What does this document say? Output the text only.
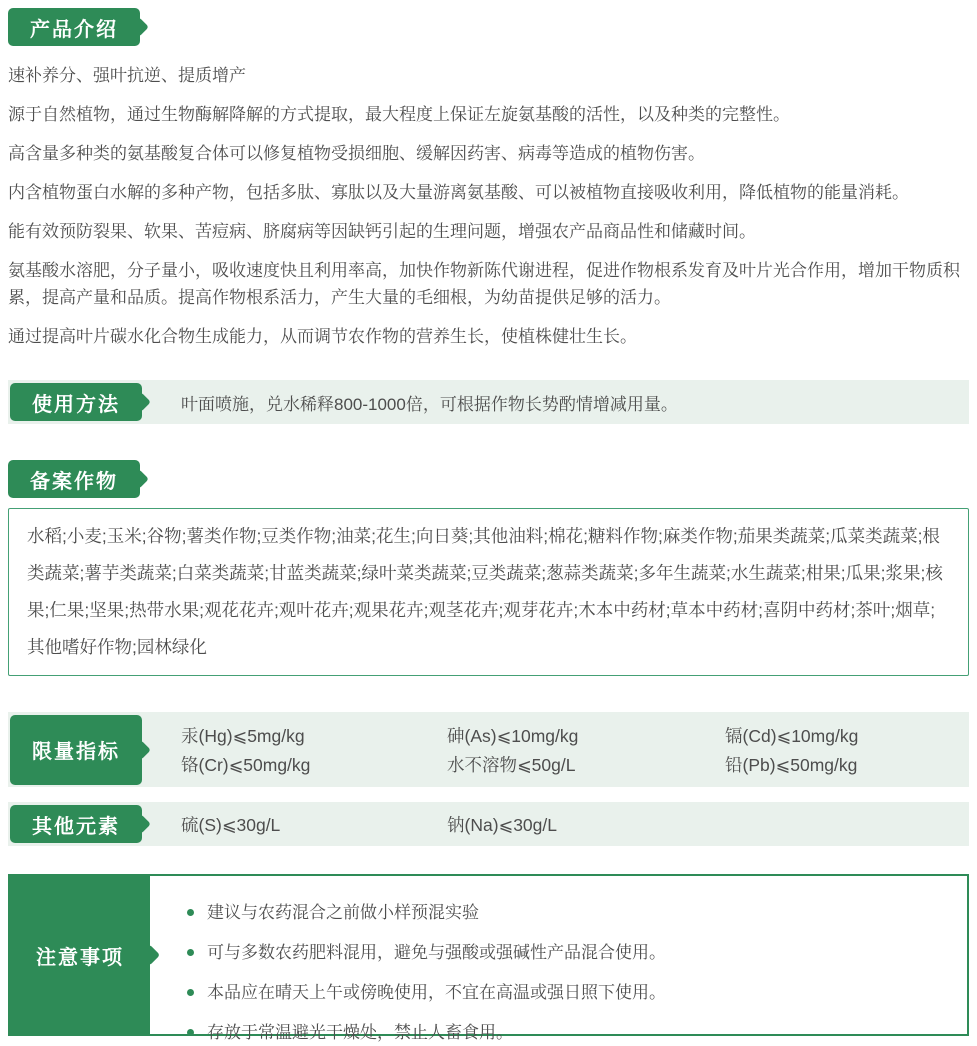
产品介绍

速补养分、强叶抗逆、提质增产

源于自然植物，通过生物酶解降解的方式提取，最大程度上保证左旋氨基酸的活性，以及种类的完整性。

高含量多种类的氨基酸复合体可以修复植物受损细胞、缓解因药害、病毒等造成的植物伤害。

内含植物蛋白水解的多种产物，包括多肽、寡肽以及大量游离氨基酸、可以被植物直接吸收利用，降低植物的能量消耗。

能有效预防裂果、软果、苦痘病、脐腐病等因缺钙引起的生理问题，增强农产品商品性和储藏时间。

氨基酸水溶肥，分子量小，吸收速度快且利用率高，加快作物新陈代谢进程，促进作物根系发育及叶片光合作用，增加干物质积累，提高产量和品质。提高作物根系活力，产生大量的毛细根，为幼苗提供足够的活力。

通过提高叶片碳水化合物生成能力，从而调节农作物的营养生长，使植株健壮生长。

使用方法	叶面喷施，兑水稀释800-1000倍，可根据作物长势酌情增减用量。
备案作物
水稻;小麦;玉米;谷物;薯类作物;豆类作物;油菜;花生;向日葵;其他油料;棉花;糖料作物;麻类作物;茄果类蔬菜;瓜菜类蔬菜;根类蔬菜;薯芋类蔬菜;白菜类蔬菜;甘蓝类蔬菜;绿叶菜类蔬菜;豆类蔬菜;葱蒜类蔬菜;多年生蔬菜;水生蔬菜;柑果;瓜果;浆果;核果;仁果;坚果;热带水果;观花花卉;观叶花卉;观果花卉;观茎花卉;观芽花卉;木本中药材;草本中药材;喜阴中药材;茶叶;烟草;其他嗜好作物;园林绿化
限量指标
汞(Hg)⩽5mg/kg	砷(As)⩽10mg/kg	镉(Cd)⩽10mg/kg
铬(Cr)⩽50mg/kg	水不溶物⩽50g/L	铅(Pb)⩽50mg/kg
其他元素	硫(S)⩽30g/L	钠(Na)⩽30g/L
注意事项
建议与农药混合之前做小样预混实验
可与多数农药肥料混用，避免与强酸或强碱性产品混合使用。
本品应在晴天上午或傍晚使用，不宜在高温或强日照下使用。
存放于常温避光干燥处，禁止人畜食用。
